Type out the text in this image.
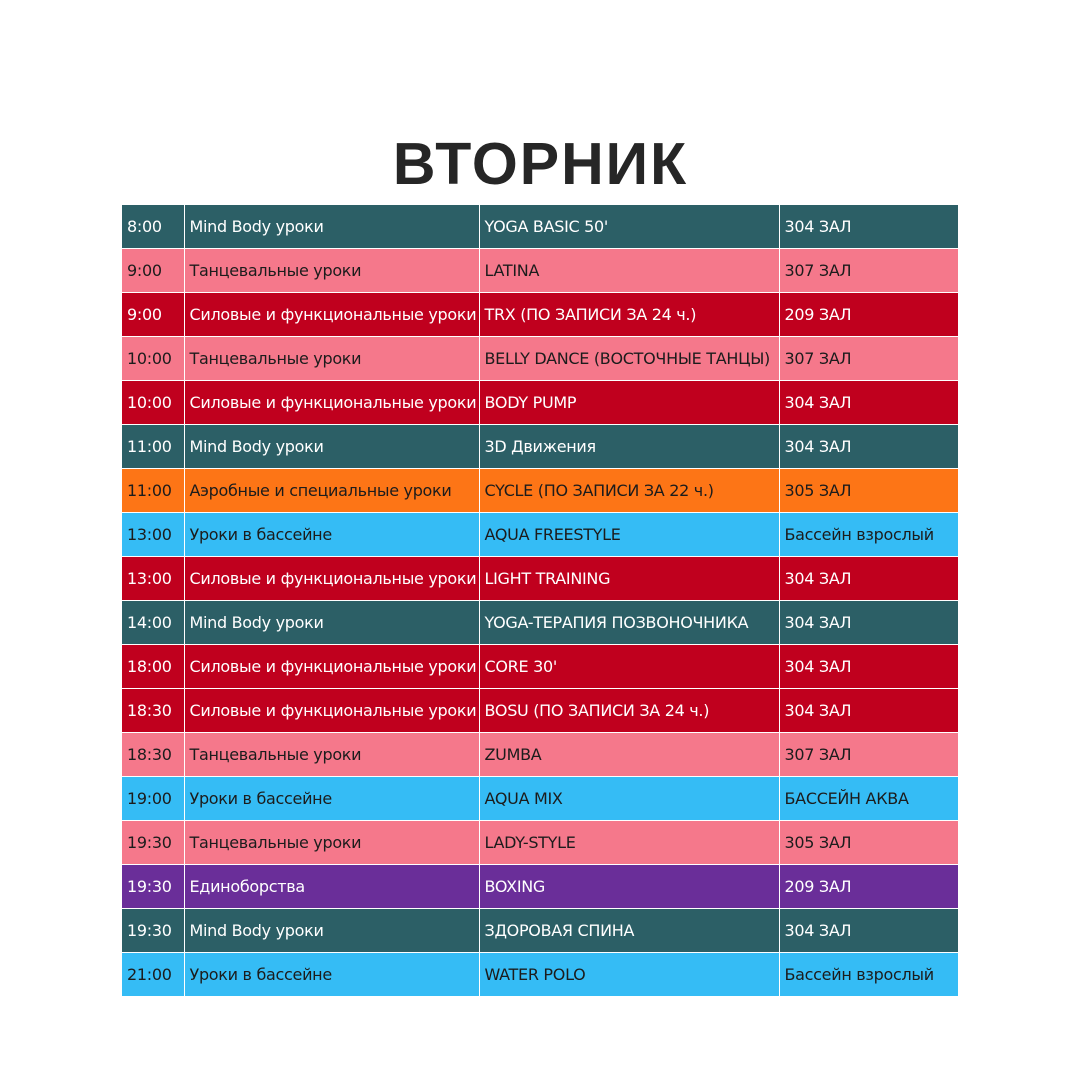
ВТОРНИК
8:00	Mind Body уроки	YOGA BASIC 50'	304 ЗАЛ
9:00	Танцевальные уроки	LATINA	307 ЗАЛ
9:00	Силовые и функциональные уроки	TRX (ПО ЗАПИСИ ЗА 24 ч.)	209 ЗАЛ
10:00	Танцевальные уроки	BELLY DANCE (ВОСТОЧНЫЕ ТАНЦЫ)	307 ЗАЛ
10:00	Силовые и функциональные уроки	BODY PUMP	304 ЗАЛ
11:00	Mind Body уроки	3D Движения	304 ЗАЛ
11:00	Аэробные и специальные уроки	CYCLE (ПО ЗАПИСИ ЗА 22 ч.)	305 ЗАЛ
13:00	Уроки в бассейне	AQUA FREESTYLE	Бассейн взрослый
13:00	Силовые и функциональные уроки	LIGHT TRAINING	304 ЗАЛ
14:00	Mind Body уроки	YOGA-ТЕРАПИЯ ПОЗВОНОЧНИКА	304 ЗАЛ
18:00	Силовые и функциональные уроки	CORE 30'	304 ЗАЛ
18:30	Силовые и функциональные уроки	BOSU (ПО ЗАПИСИ ЗА 24 ч.)	304 ЗАЛ
18:30	Танцевальные уроки	ZUMBA	307 ЗАЛ
19:00	Уроки в бассейне	AQUA MIX	БАССЕЙН АКВА
19:30	Танцевальные уроки	LADY-STYLE	305 ЗАЛ
19:30	Единоборства	BOXING	209 ЗАЛ
19:30	Mind Body уроки	ЗДОРОВАЯ СПИНА	304 ЗАЛ
21:00	Уроки в бассейне	WATER POLO	Бассейн взрослый
